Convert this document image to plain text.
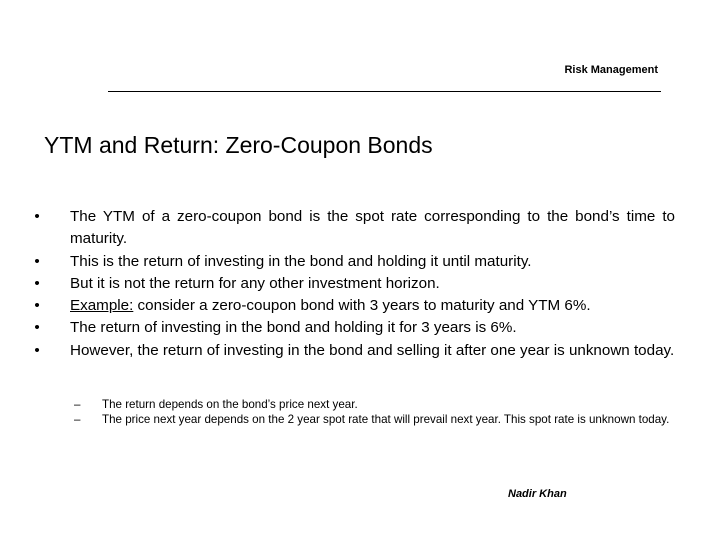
Risk Management
YTM and Return: Zero-Coupon Bonds
• The YTM of a zero-coupon bond is the spot rate corresponding to the bond’s time to maturity.
• This is the return of investing in the bond and holding it until maturity.
• But it is not the return for any other investment horizon.
• Example: consider a zero-coupon bond with 3 years to maturity and YTM 6%.
• The return of investing in the bond and holding it for 3 years is 6%.
• However, the return of investing in the bond and selling it after one year is unknown today.
– The return depends on the bond’s price next year.
– The price next year depends on the 2 year spot rate that will prevail next year. This spot rate is unknown today.
Nadir Khan
